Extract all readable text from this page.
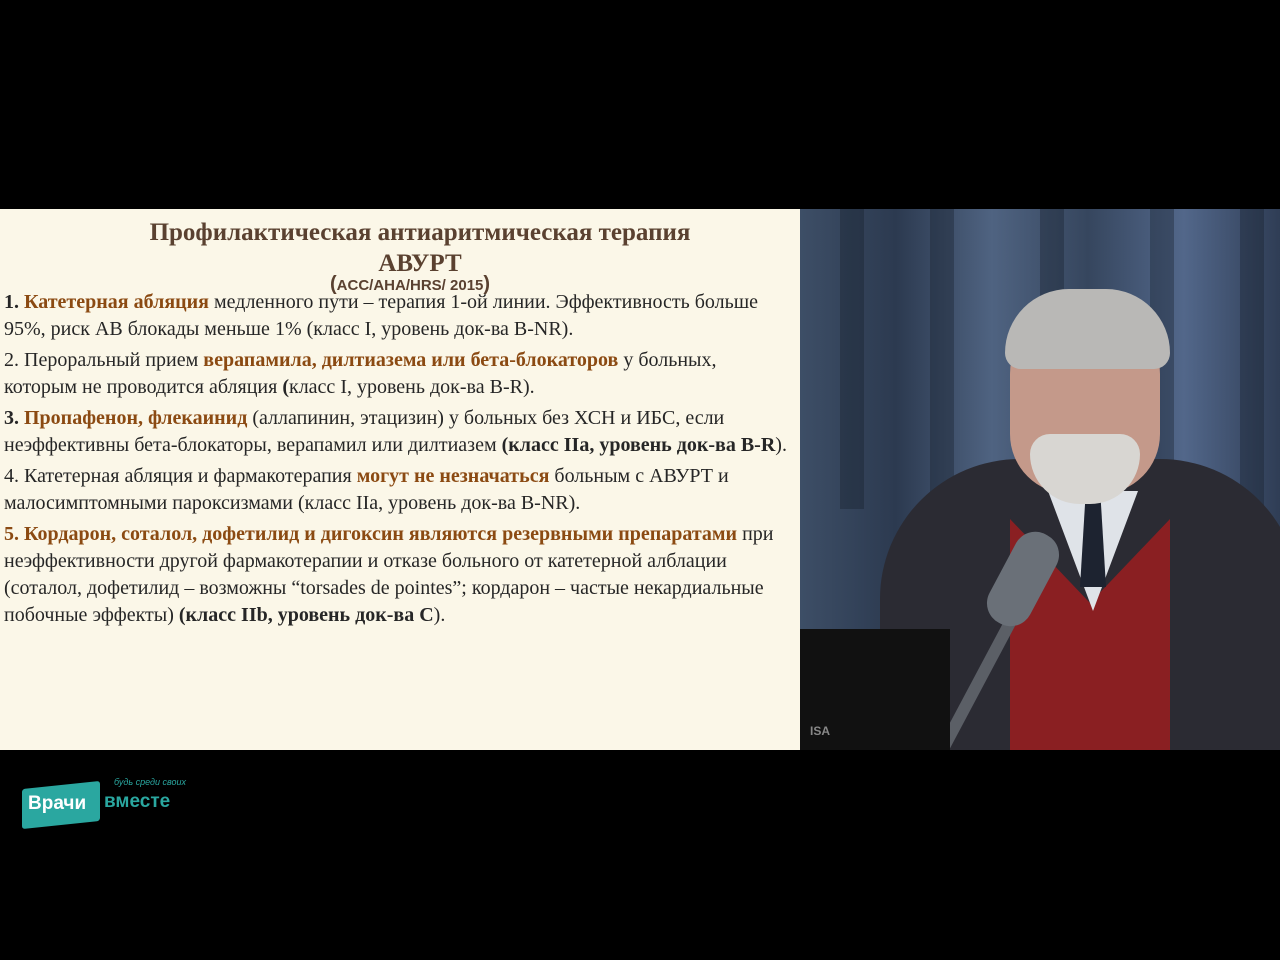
Профилактическая антиаритмическая терапия
АВУРТ
(ACC/AHA/HRS/ 2015)
1. Катетерная абляция медленного пути – терапия 1-ой линии. Эффективность больше 95%, риск АВ блокады меньше 1% (класс I, уровень док-ва B-NR).
2. Пероральный прием верапамила, дилтиазема или бета-блокаторов у больных, которым не проводится абляция (класс I, уровень док-ва B-R).
3. Пропафенон, флекаинид (аллапинин, этацизин) у больных без ХСН и ИБС, если неэффективны бета-блокаторы, верапамил или дилтиазем (класс IIa, уровень док-ва B-R).
4. Катетерная абляция и фармакотерапия могут не незначаться больным с АВУРТ и малосимптомными пароксизмами (класс IIa, уровень док-ва B-NR).
5. Кордарон, соталол, дофетилид и дигоксин являются резервными препаратами при неэффективности другой фармакотерапии и отказе больного от катетерной алблации (соталол, дофетилид – возможны “torsades de pointes”; кордарон – частые некардиальные побочные эффекты) (класс IIb, уровень док-ва C).
ISA
Врачи вместе
будь среди своих
